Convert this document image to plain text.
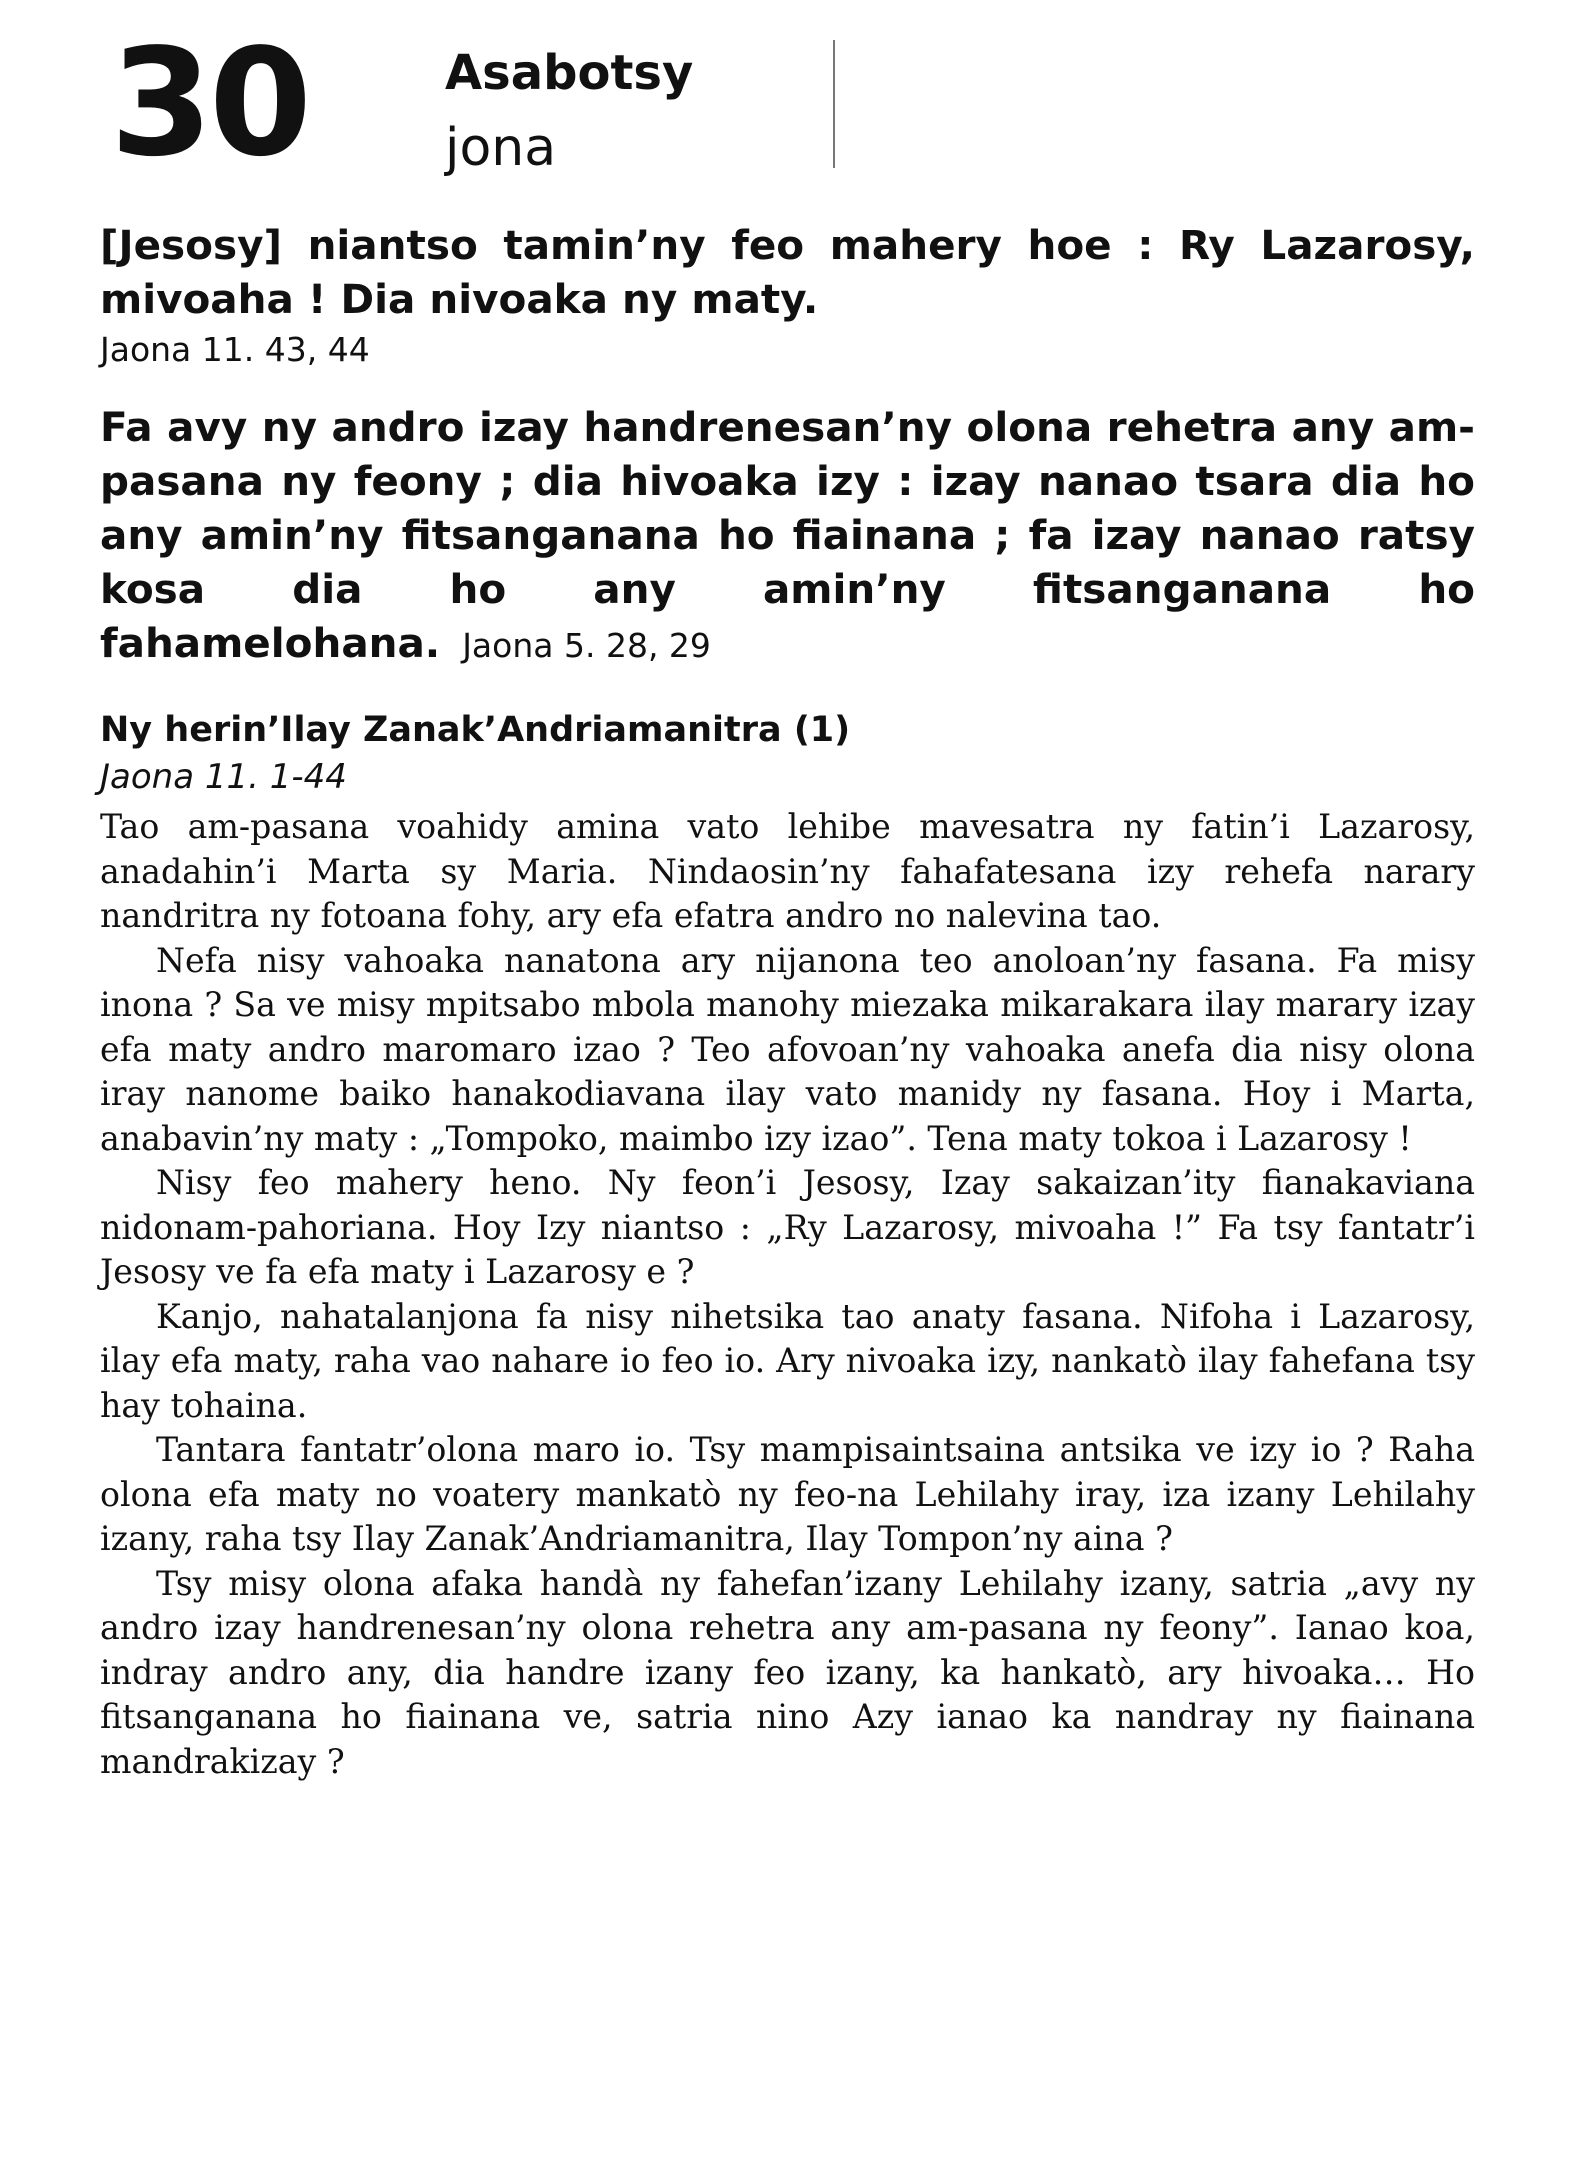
30	Asabotsy
jona
[Jesosy] niantso tamin’ny feo mahery hoe : Ry Lazarosy, mivoaha ! Dia nivoaka ny maty.
Jaona 11. 43, 44
Fa avy ny andro izay handrenesan’ny olona rehetra any am-pasana ny feony ; dia hivoaka izy : izay nanao tsara dia ho any amin’ny fitsanganana ho fiainana ; fa izay nanao ratsy kosa dia ho any amin’ny fitsanganana ho fahamelohana. Jaona 5. 28, 29
Ny herin’Ilay Zanak’Andriamanitra (1)
Jaona 11. 1-44

Tao am-pasana voahidy amina vato lehibe mavesatra ny fatin’i Lazarosy, anadahin’i Marta sy Maria. Nindaosin’ny fahafatesana izy rehefa narary nandritra ny fotoana fohy, ary efa efatra andro no nalevina tao.

Nefa nisy vahoaka nanatona ary nijanona teo anoloan’ny fasana. Fa misy inona ? Sa ve misy mpitsabo mbola manohy miezaka mikarakara ilay marary izay efa maty andro maromaro izao ? Teo afovoan’ny vahoaka anefa dia nisy olona iray nanome baiko hanakodiavana ilay vato manidy ny fasana. Hoy i Marta, anabavin’ny maty : „Tompoko, maimbo izy izao”. Tena maty tokoa i Lazarosy !

Nisy feo mahery heno. Ny feon’i Jesosy, Izay sakaizan’ity fianakaviana nidonam-pahoriana. Hoy Izy niantso : „Ry Lazarosy, mivoaha !” Fa tsy fantatr’i Jesosy ve fa efa maty i Lazarosy e ?

Kanjo, nahatalanjona fa nisy nihetsika tao anaty fasana. Nifoha i Lazarosy, ilay efa maty, raha vao nahare io feo io. Ary nivoaka izy, nankatò ilay fahefana tsy hay tohaina.

Tantara fantatr’olona maro io. Tsy mampisaintsaina antsika ve izy io ? Raha olona efa maty no voatery mankatò ny feo-na Lehilahy iray, iza izany Lehilahy izany, raha tsy Ilay Zanak’Andriamanitra, Ilay Tompon’ny aina ?

Tsy misy olona afaka handà ny fahefan’izany Lehilahy izany, satria „avy ny andro izay handrenesan’ny olona rehetra any am-pasana ny feony”. Ianao koa, indray andro any, dia handre izany feo izany, ka hankatò, ary hivoaka… Ho fitsanganana ho fiainana ve, satria nino Azy ianao ka nandray ny fiainana mandrakizay ?
